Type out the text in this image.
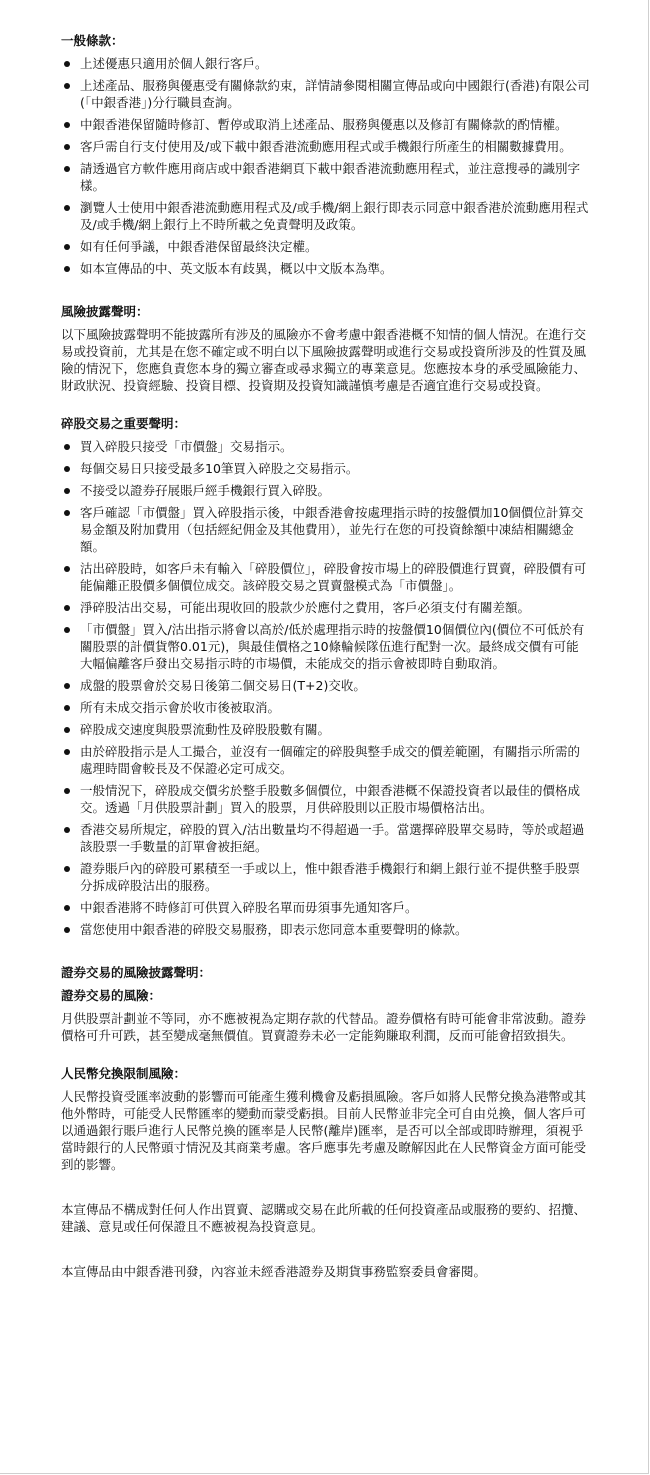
一般條款：
上述優惠只適用於個人銀行客戶。
上述產品、服務與優惠受有關條款約束，詳情請參閱相關宣傳品或向中國銀行(香港)有限公司(「中銀香港」)分行職員查詢。
中銀香港保留隨時修訂、暫停或取消上述產品、服務與優惠以及修訂有關條款的酌情權。
客戶需自行支付使用及/或下載中銀香港流動應用程式或手機銀行所產生的相關數據費用。
請透過官方軟件應用商店或中銀香港網頁下載中銀香港流動應用程式，並注意搜尋的識別字樣。
瀏覽人士使用中銀香港流動應用程式及/或手機/網上銀行即表示同意中銀香港於流動應用程式及/或手機/網上銀行上不時所載之免責聲明及政策。
如有任何爭議，中銀香港保留最終決定權。
如本宣傳品的中、英文版本有歧異，概以中文版本為準。
風險披露聲明：

以下風險披露聲明不能披露所有涉及的風險亦不會考慮中銀香港概不知情的個人情況。在進行交易或投資前，尤其是在您不確定或不明白以下風險披露聲明或進行交易或投資所涉及的性質及風險的情況下，您應負責您本身的獨立審查或尋求獨立的專業意見。您應按本身的承受風險能力、財政狀況、投資經驗、投資目標、投資期及投資知識謹慎考慮是否適宜進行交易或投資。

碎股交易之重要聲明：
買入碎股只接受「市價盤」交易指示。
每個交易日只接受最多10筆買入碎股之交易指示。
不接受以證券孖展賬戶經手機銀行買入碎股。
客戶確認「市價盤」買入碎股指示後，中銀香港會按處理指示時的按盤價加10個價位計算交易金額及附加費用（包括經紀佣金及其他費用），並先行在您的可投資餘額中凍結相關總金額。
沽出碎股時，如客戶未有輸入「碎股價位」，碎股會按市場上的碎股價進行買賣，碎股價有可能偏離正股價多個價位成交。該碎股交易之買賣盤模式為「市價盤」。
淨碎股沽出交易，可能出現收回的股款少於應付之費用，客戶必須支付有關差額。
「市價盤」買入/沽出指示將會以高於/低於處理指示時的按盤價10個價位內(價位不可低於有關股票的計價貨幣0.01元)，與最佳價格之10條輪候隊伍進行配對一次。最終成交價有可能大幅偏離客戶發出交易指示時的市場價，未能成交的指示會被即時自動取消。
成盤的股票會於交易日後第二個交易日(T+2)交收。
所有未成交指示會於收市後被取消。
碎股成交速度與股票流動性及碎股股數有關。
由於碎股指示是人工撮合，並沒有一個確定的碎股與整手成交的價差範圍，有關指示所需的處理時間會較長及不保證必定可成交。
一般情況下，碎股成交價劣於整手股數多個價位，中銀香港概不保證投資者以最佳的價格成交。透過「月供股票計劃」買入的股票，月供碎股則以正股市場價格沽出。
香港交易所規定，碎股的買入/沽出數量均不得超過一手。當選擇碎股單交易時，等於或超過該股票一手數量的訂單會被拒絕。
證券賬戶內的碎股可累積至一手或以上，惟中銀香港手機銀行和網上銀行並不提供整手股票分拆成碎股沽出的服務。
中銀香港將不時修訂可供買入碎股名單而毋須事先通知客戶。
當您使用中銀香港的碎股交易服務，即表示您同意本重要聲明的條款。
證券交易的風險披露聲明：
證券交易的風險：

月供股票計劃並不等同，亦不應被視為定期存款的代替品。證券價格有時可能會非常波動。證券價格可升可跌，甚至變成毫無價值。買賣證券未必一定能夠賺取利潤，反而可能會招致損失。

人民幣兌換限制風險：

人民幣投資受匯率波動的影響而可能產生獲利機會及虧損風險。客戶如將人民幣兌換為港幣或其他外幣時，可能受人民幣匯率的變動而蒙受虧損。目前人民幣並非完全可自由兑換，個人客戶可以通過銀行賬戶進行人民幣兑換的匯率是人民幣(離岸)匯率，是否可以全部或即時辦理，須視乎當時銀行的人民幣頭寸情況及其商業考慮。客戶應事先考慮及瞭解因此在人民幣資金方面可能受到的影響。

本宣傳品不構成對任何人作出買賣、認購或交易在此所載的任何投資產品或服務的要約、招攬、建議、意見或任何保證且不應被視為投資意見。

本宣傳品由中銀香港刊發，內容並未經香港證券及期貨事務監察委員會審閱。
